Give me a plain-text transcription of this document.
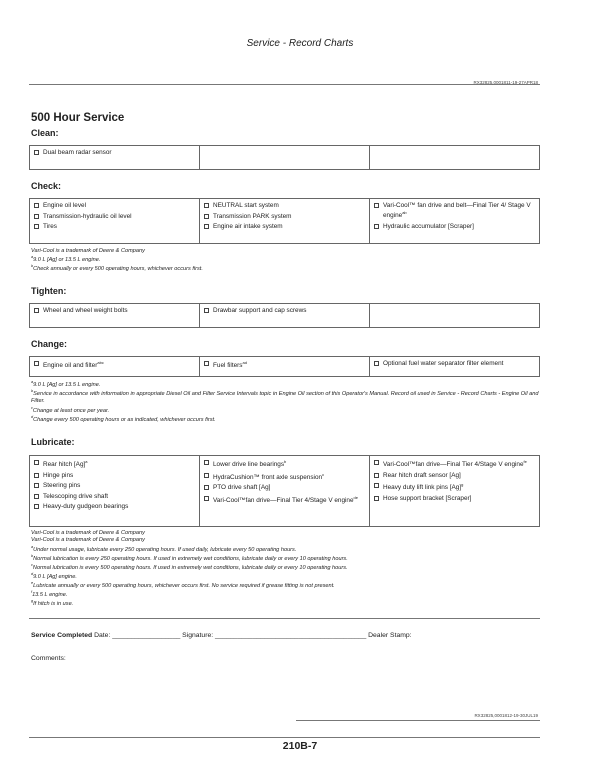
Service - Record Charts
RX32825,0001811-19-27APR18
500 Hour Service
Clean:
Dual beam radar sensor

Check:
Engine oil level
Transmission-hydraulic oil level
Tires

NEUTRAL start system
Transmission PARK system
Engine air intake system

Vari-Cool™ fan drive and belt—Final Tier 4/ Stage V engine$^{ab}$
Hydraulic accumulator [Scraper]
Vari-Cool is a trademark of Deere & Company
$^a$9.0 L [Ag] or 13.5 L engine.
$^b$Check annually or every 500 operating hours, whichever occurs first.
Tighten:
Wheel and wheel weight bolts	Drawbar support and cap screws

Change:
Engine oil and filter$^{abc}$	Fuel filters$^{ad}$	Optional fuel water separator filter element
$^a$9.0 L [Ag] or 13.5 L engine.
$^b$Service in accordance with information in appropriate Diesel Oil and Filter Service Intervals topic in Engine Oil section of this Operator's Manual. Record oil used in Service - Record Charts - Engine Oil and Filter.
$^c$Change at least once per year.
$^d$Change every 500 operating hours or as indicated, whichever occurs first.
Lubricate:
Rear hitch $[Ag]^a$
Hinge pins
Steering pins
Telescoping drive shaft
Heavy-duty gudgeon bearings

Lower drive line bearings$^b$
HydraCushion™ front axle suspension$^c$
PTO drive shaft [Ag]
Vari-Cool™fan drive—Final Tier 4/Stage V engine$^{de}$

Vari-Cool™fan drive—Final Tier 4/Stage V engine$^{fe}$
Rear hitch draft sensor [Ag]
Heavy duty lift link pins $[Ag]^g$
Hose support bracket [Scraper]
Vari-Cool is a trademark of Deere & Company
Vari-Cool is a trademark of Deere & Company
$^a$Under normal usage, lubricate every 250 operating hours. If used daily, lubricate every 50 operating hours.
$^b$Normal lubrication is every 250 operating hours. If used in extremely wet conditions, lubricate daily or every 10 operating hours.
$^c$Normal lubrication is every 500 operating hours. If used in extremely wet conditions, lubricate daily or every 10 operating hours.
$^d$9.0 L [Ag] engine.
$^e$Lubricate annually or every 500 operating hours, whichever occurs first. No service required if grease fitting is not present.
$^f$13.5 L engine.
$^g$If hitch is in use.
Service Completed Date: __________________ Signature: ________________________________________ Dealer Stamp:
Comments:
RX32825,0001812-19-30JUL19
210B-7
